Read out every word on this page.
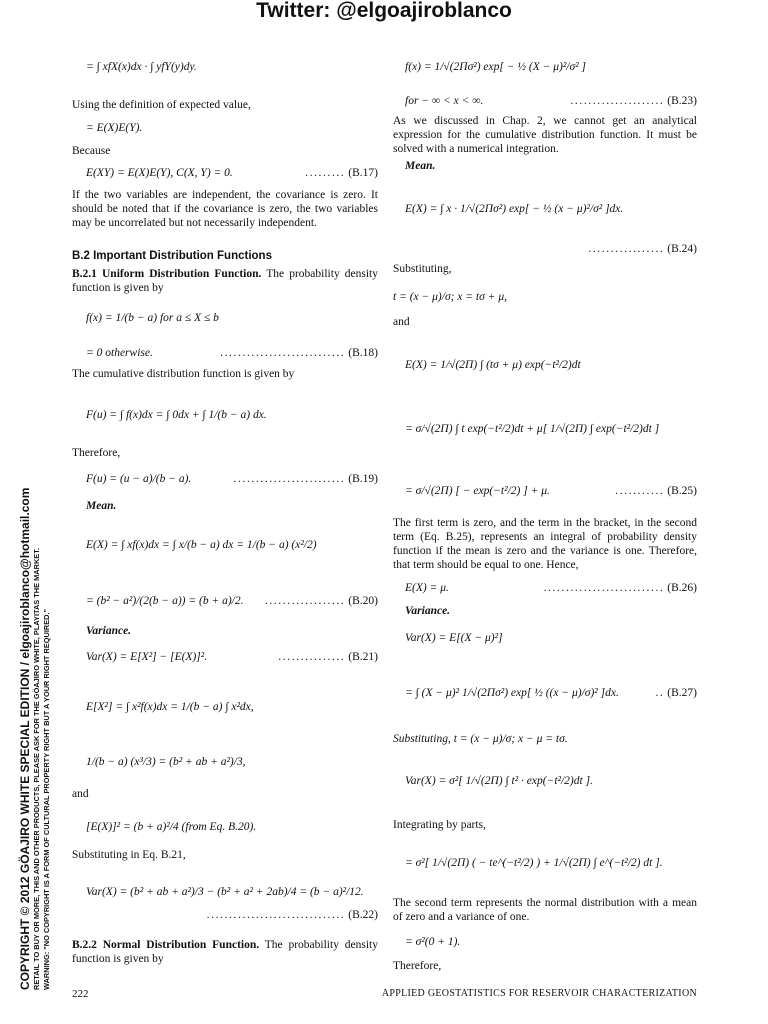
Twitter: @elgoajiroblanco
COPYRIGHT © 2012 GÖAJIRO WHITE SPECIAL EDITION / elgoajiroblanco@hotmail.com RETAIL TO BUY OR MORE, THIS AND OTHER PRODUCTS, PLEASE ASK FOR THE GÖAJIRO WHITE, PLAYITAS THE MARKET. WARNING: "NO COPYRIGHT IS A FORM OF CULTURAL PROPERTY RIGHT BUT A YOUR RIGHT REQUIRED."
= ∫ xfX(x)dx · ∫ yfY(y)dy.
Using the definition of expected value,
= E(X)E(Y).
Because
E(XY) = E(X)E(Y), C(X, Y) = 0.	......... (B.17)
If the two variables are independent, the covariance is zero. It should be noted that if the covariance is zero, the two variables may be uncorrelated but not necessarily independent.
B.2 Important Distribution Functions
B.2.1 Uniform Distribution Function. The probability density function is given by
f(x) = 1/(b − a) for a ≤ X ≤ b
= 0 otherwise.	............................ (B.18)
The cumulative distribution function is given by
F(u) = ∫ f(x)dx = ∫ 0dx + ∫ 1/(b − a) dx.
Therefore,
F(u) = (u − a)/(b − a).	......................... (B.19)
Mean.
E(X) = ∫ xf(x)dx = ∫ x/(b − a) dx = 1/(b − a) (x²/2)
= (b² − a²)/(2(b − a)) = (b + a)/2. .................. (B.20)
Variance.
Var(X) = E[X²] − [E(X)]².	............... (B.21)
E[X²] = ∫ x²f(x)dx = 1/(b − a) ∫ x²dx,
1/(b − a) (x³/3) = (b² + ab + a²)/3,
and
[E(X)]² = (b + a)²/4 (from Eq. B.20).
Substituting in Eq. B.21,
Var(X) = (b² + ab + a²)/3 − (b² + a² + 2ab)/4 = (b − a)²/12.
............................... (B.22)
B.2.2 Normal Distribution Function. The probability density function is given by
f(x) = 1/√(2Πσ²) exp[ − ½ (X − μ)²/σ² ]
for − ∞ < x < ∞.	..................... (B.23)
As we discussed in Chap. 2, we cannot get an analytical expression for the cumulative distribution function. It must be solved with a numerical integration.
Mean.
E(X) = ∫ x · 1/√(2Πσ²) exp[ − ½ (x − μ)²/σ² ]dx.
................. (B.24)
Substituting,
t = (x − μ)/σ; x = tσ + μ,
and
E(X) = 1/√(2Π) ∫ (tσ + μ) exp(−t²/2)dt
= σ/√(2Π) ∫ t exp(−t²/2)dt + μ[ 1/√(2Π) ∫ exp(−t²/2)dt ]
= σ/√(2Π) [ − exp(−t²/2) ] + μ.	........... (B.25)
The first term is zero, and the term in the bracket, in the second term (Eq. B.25), represents an integral of probability density function if the mean is zero and the variance is one. Therefore, that term should be equal to one. Hence,
E(X) = μ.	........................... (B.26)
Variance.
Var(X) = E[(X − μ)²]
= ∫ (X − μ)² 1/√(2Πσ²) exp[ ½ ((x − μ)/σ)² ]dx.	.. (B.27)
Substituting, t = (x − μ)/σ; x − μ = tσ.
Var(X) = σ²[ 1/√(2Π) ∫ t² · exp(−t²/2)dt ].
Integrating by parts,
= σ²[ 1/√(2Π) ( − te^(−t²/2) ) + 1/√(2Π) ∫ e^(−t²/2) dt ].
The second term represents the normal distribution with a mean of zero and a variance of one.
= σ²(0 + 1).
Therefore,
222	APPLIED GEOSTATISTICS FOR RESERVOIR CHARACTERIZATION
